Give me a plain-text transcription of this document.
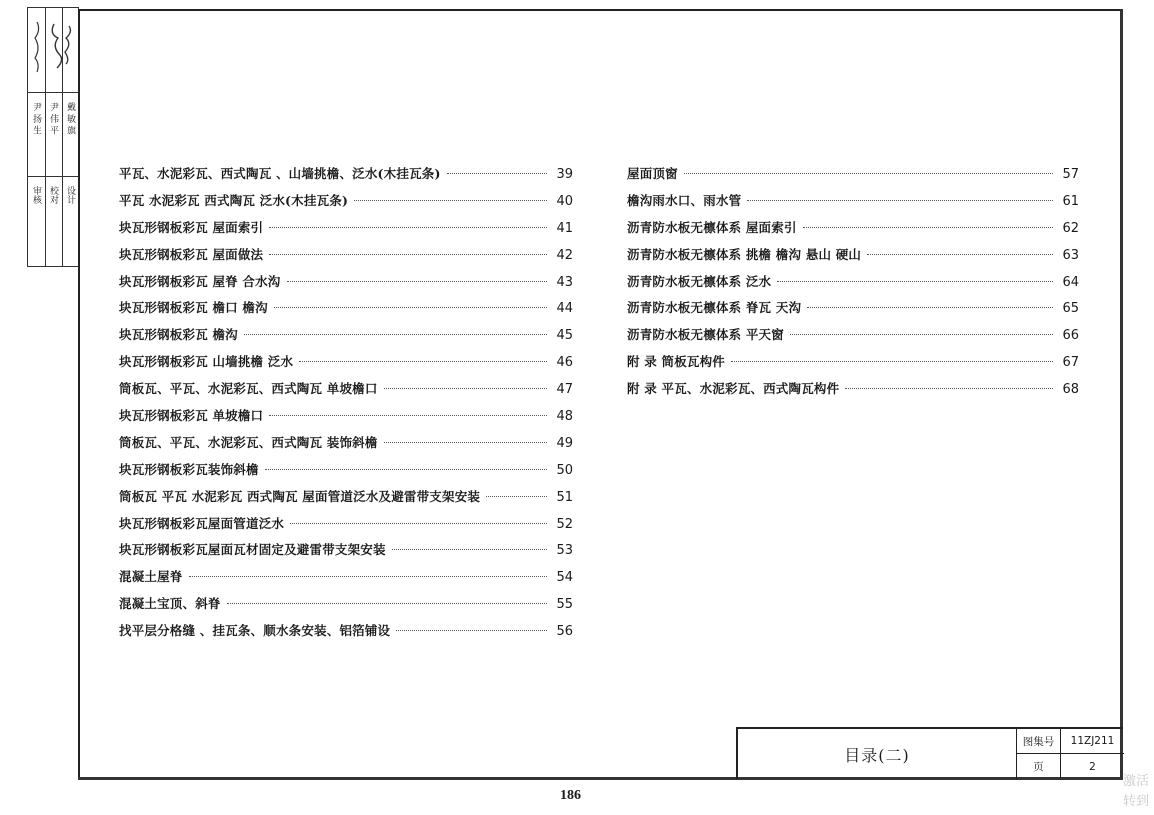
审核 校对 设计
尹 扬 生 尹 伟 平 戴 敏 旗
平瓦、水泥彩瓦、西式陶瓦 、山墙挑檐、泛水(木挂瓦条)	39
平瓦 水泥彩瓦 西式陶瓦 泛水(木挂瓦条)	40
块瓦形钢板彩瓦 屋面索引	41
块瓦形钢板彩瓦 屋面做法	42
块瓦形钢板彩瓦 屋脊 合水沟	43
块瓦形钢板彩瓦 檐口 檐沟	44
块瓦形钢板彩瓦 檐沟	45
块瓦形钢板彩瓦 山墙挑檐 泛水	46
筒板瓦、平瓦、水泥彩瓦、西式陶瓦 单坡檐口	47
块瓦形钢板彩瓦 单坡檐口	48
筒板瓦、平瓦、水泥彩瓦、西式陶瓦 装饰斜檐	49
块瓦形钢板彩瓦装饰斜檐	50
筒板瓦 平瓦 水泥彩瓦 西式陶瓦 屋面管道泛水及避雷带支架安装	51
块瓦形钢板彩瓦屋面管道泛水	52
块瓦形钢板彩瓦屋面瓦材固定及避雷带支架安装	53
混凝土屋脊	54
混凝土宝顶、斜脊	55
找平层分格缝 、挂瓦条、顺水条安装、铝箔铺设	56
屋面顶窗	57
檐沟雨水口、雨水管	61
沥青防水板无檩体系 屋面索引	62
沥青防水板无檩体系 挑檐 檐沟 悬山 硬山	63
沥青防水板无檩体系 泛水	64
沥青防水板无檩体系 脊瓦 天沟	65
沥青防水板无檩体系 平天窗	66
附 录 筒板瓦构件	67
附 录 平瓦、水泥彩瓦、西式陶瓦构件	68
目录(二)
图集号	11ZJ211
页	2
186
激活
转到
